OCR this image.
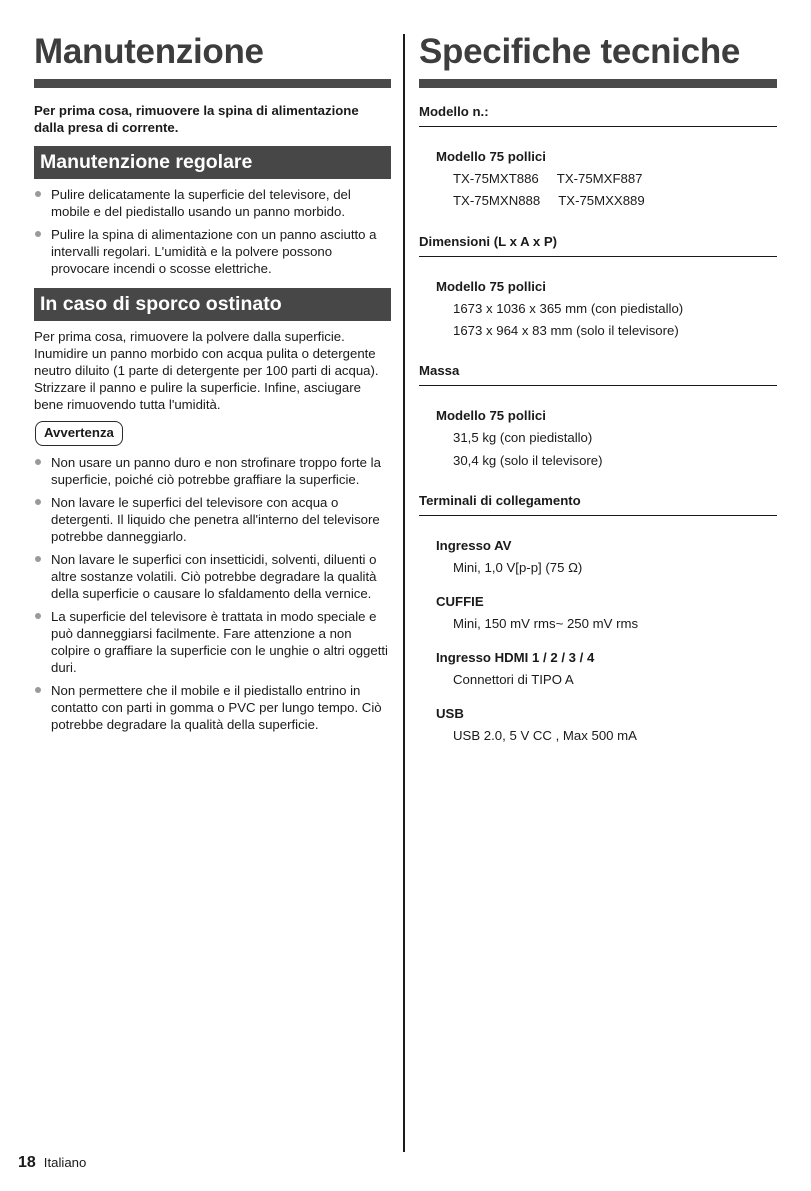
Manutenzione
Per prima cosa, rimuovere la spina di alimentazione dalla presa di corrente.
Manutenzione regolare
Pulire delicatamente la superficie del televisore, del mobile e del piedistallo usando un panno morbido.
Pulire la spina di alimentazione con un panno asciutto a intervalli regolari. L'umidità e la polvere possono provocare incendi o scosse elettriche.
In caso di sporco ostinato
Per prima cosa, rimuovere la polvere dalla superficie. Inumidire un panno morbido con acqua pulita o detergente neutro diluito (1 parte di detergente per 100 parti di acqua). Strizzare il panno e pulire la superficie. Infine, asciugare bene rimuovendo tutta l'umidità.
Avvertenza
Non usare un panno duro e non strofinare troppo forte la superficie, poiché ciò potrebbe graffiare la superficie.
Non lavare le superfici del televisore con acqua o detergenti. Il liquido che penetra all'interno del televisore potrebbe danneggiarlo.
Non lavare le superfici con insetticidi, solventi, diluenti o altre sostanze volatili. Ciò potrebbe degradare la qualità della superficie o causare lo sfaldamento della vernice.
La superficie del televisore è trattata in modo speciale e può danneggiarsi facilmente. Fare attenzione a non colpire o graffiare la superficie con le unghie o altri oggetti duri.
Non permettere che il mobile e il piedistallo entrino in contatto con parti in gomma o PVC per lungo tempo. Ciò potrebbe degradare la qualità della superficie.
Specifiche tecniche
Modello n.:
Modello 75 pollici
TX-75MXT886 TX-75MXF887
TX-75MXN888 TX-75MXX889
Dimensioni (L x A x P)
Modello 75 pollici
1673 x 1036 x 365 mm (con piedistallo)
1673 x 964 x 83 mm (solo il televisore)
Massa
Modello 75 pollici
31,5 kg (con piedistallo)
30,4 kg (solo il televisore)
Terminali di collegamento
Ingresso AV
Mini, 1,0 V[p-p] (75 Ω)
CUFFIE
Mini, 150 mV rms~ 250 mV rms
Ingresso HDMI 1 / 2 / 3 / 4
Connettori di TIPO A
USB
USB 2.0, 5 V CC , Max 500 mA
18 Italiano
